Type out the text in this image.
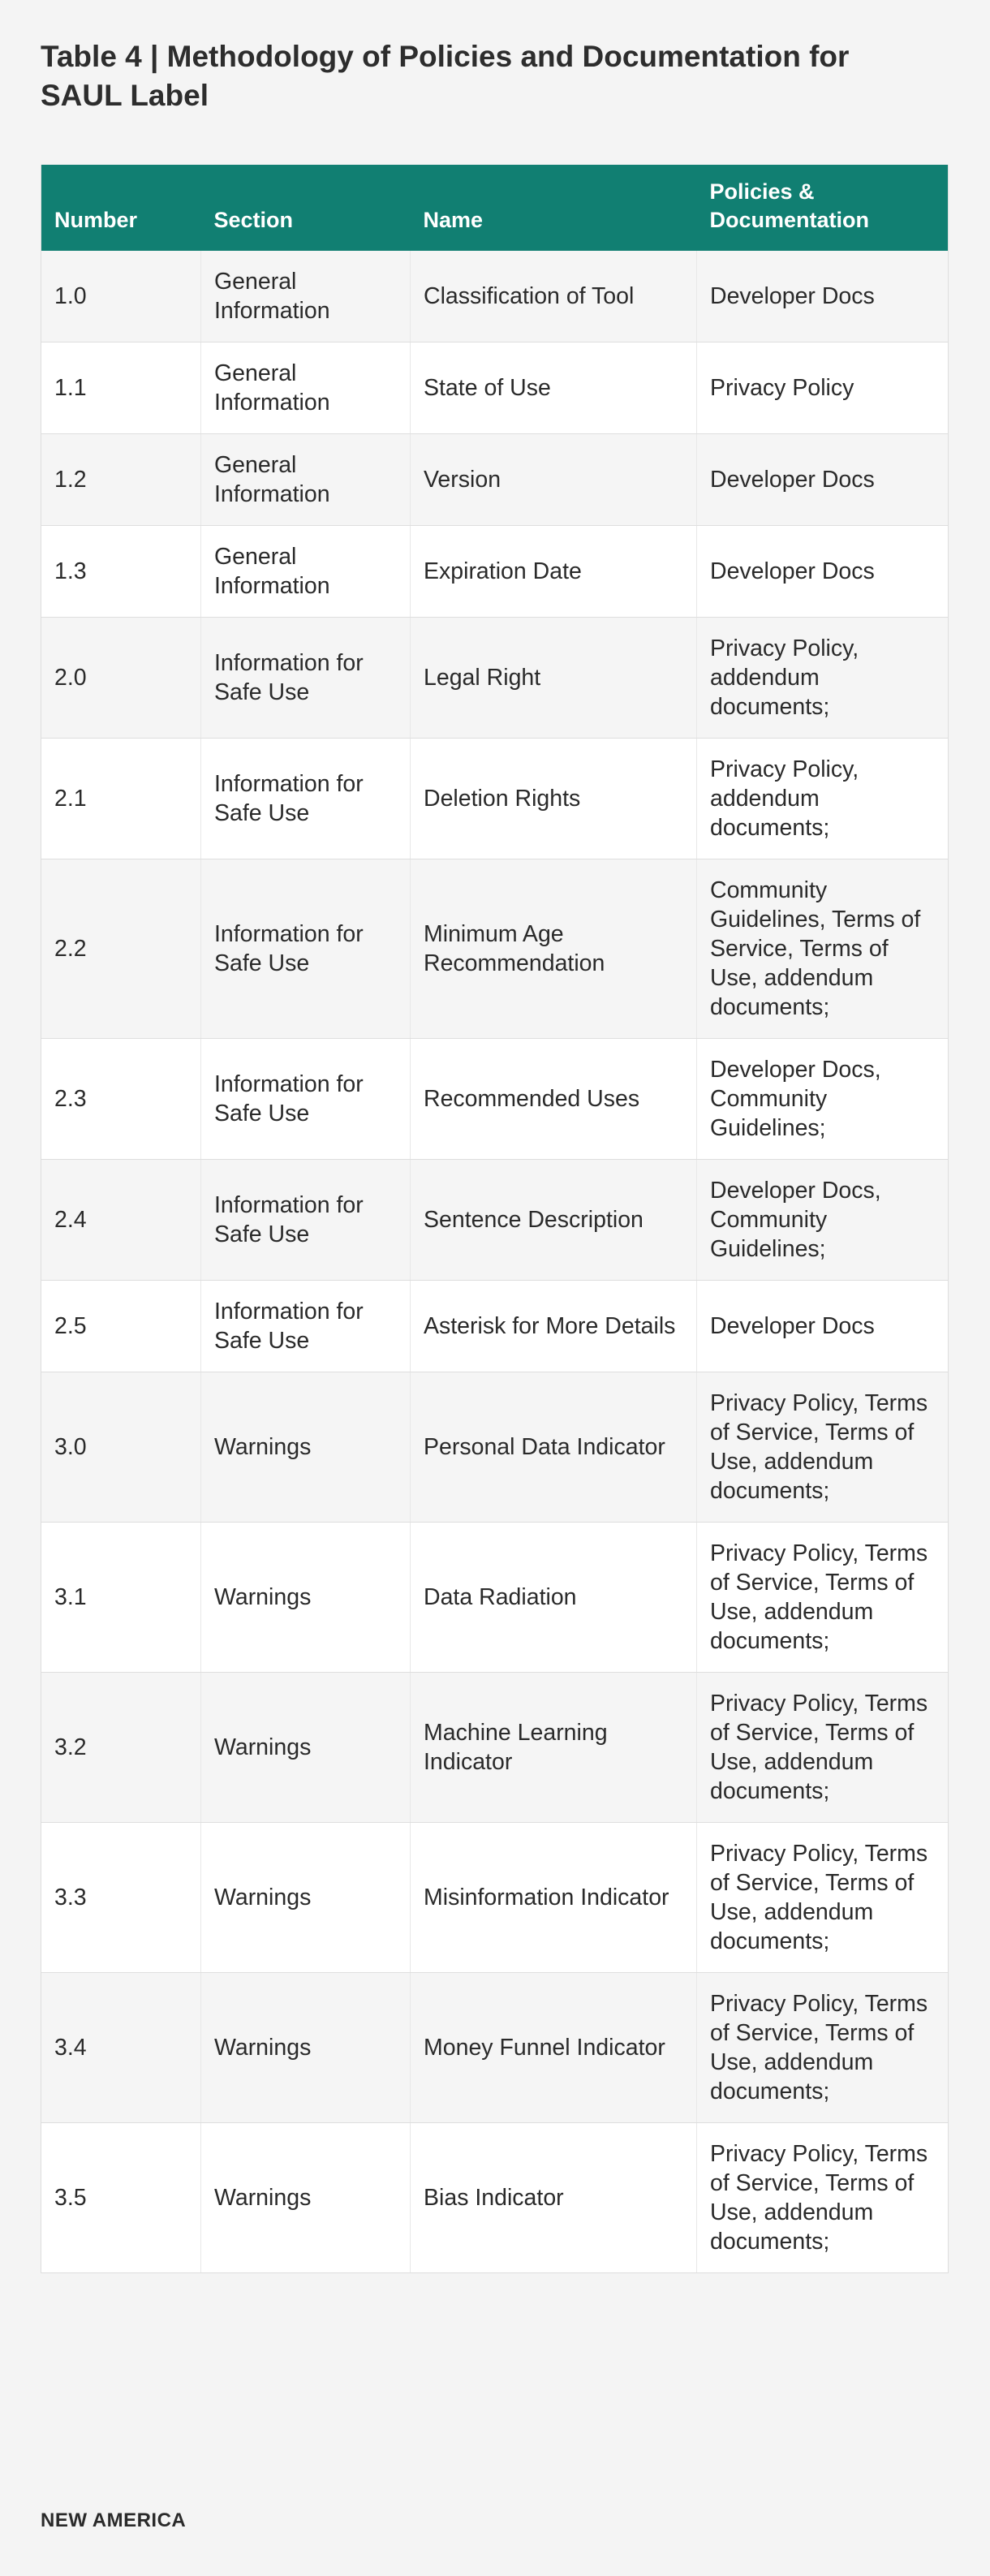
Table 4 | Methodology of Policies and Documentation for SAUL Label
Number	Section	Name	Policies & Documentation
1.0	General Information	Classification of Tool	Developer Docs
1.1	General Information	State of Use	Privacy Policy
1.2	General Information	Version	Developer Docs
1.3	General Information	Expiration Date	Developer Docs
2.0	Information for Safe Use	Legal Right	Privacy Policy, addendum documents;
2.1	Information for Safe Use	Deletion Rights	Privacy Policy, addendum documents;
2.2	Information for Safe Use	Minimum Age Recommendation	Community Guidelines, Terms of Service, Terms of Use, addendum documents;
2.3	Information for Safe Use	Recommended Uses	Developer Docs, Community Guidelines;
2.4	Information for Safe Use	Sentence Description	Developer Docs, Community Guidelines;
2.5	Information for Safe Use	Asterisk for More Details	Developer Docs
3.0	Warnings	Personal Data Indicator	Privacy Policy, Terms of Service, Terms of Use, addendum documents;
3.1	Warnings	Data Radiation	Privacy Policy, Terms of Service, Terms of Use, addendum documents;
3.2	Warnings	Machine Learning Indicator	Privacy Policy, Terms of Service, Terms of Use, addendum documents;
3.3	Warnings	Misinformation Indicator	Privacy Policy, Terms of Service, Terms of Use, addendum documents;
3.4	Warnings	Money Funnel Indicator	Privacy Policy, Terms of Service, Terms of Use, addendum documents;
3.5	Warnings	Bias Indicator	Privacy Policy, Terms of Service, Terms of Use, addendum documents;
NEW AMERICA
